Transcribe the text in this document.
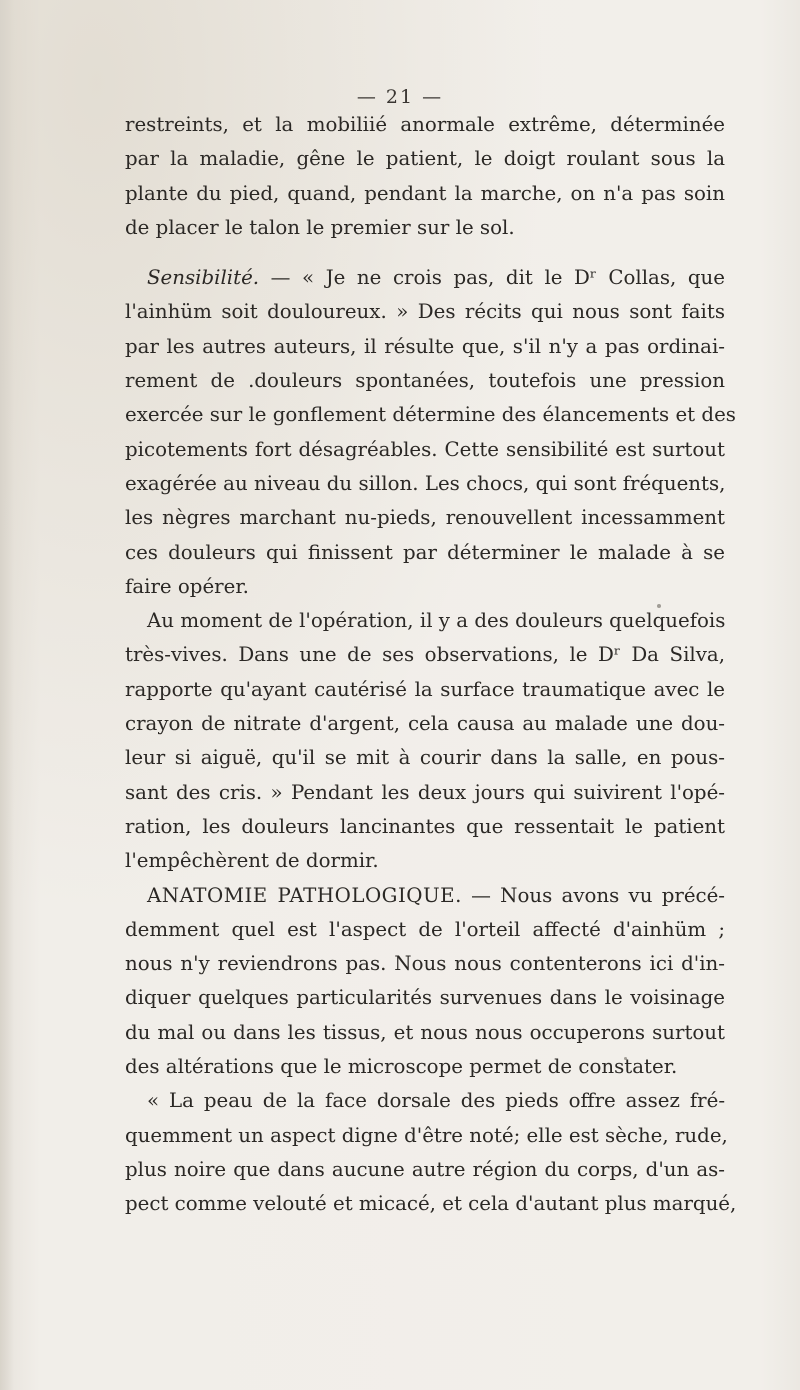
— 21 —
restreints, et la mobiliié anormale extrême, déterminée
par la maladie, gêne le patient, le doigt roulant sous la
plante du pied, quand, pendant la marche, on n'a pas soin
de placer le talon le premier sur le sol.
Sensibilité. — « Je ne crois pas, dit le Dʳ Collas, que
l'ainhüm soit douloureux. » Des récits qui nous sont faits
par les autres auteurs, il résulte que, s'il n'y a pas ordinai-
rement de .douleurs spontanées, toutefois une pression
exercée sur le gonflement détermine des élancements et des
picotements fort désagréables. Cette sensibilité est surtout
exagérée au niveau du sillon. Les chocs, qui sont fréquents,
les nègres marchant nu-pieds, renouvellent incessamment
ces douleurs qui finissent par déterminer le malade à se
faire opérer.
Au moment de l'opération, il y a des douleurs quelquefois
très-vives. Dans une de ses observations, le Dʳ Da Silva,
rapporte qu'ayant cautérisé la surface traumatique avec le
crayon de nitrate d'argent, cela causa au malade une dou-
leur si aiguë, qu'il se mit à courir dans la salle, en pous-
sant des cris. » Pendant les deux jours qui suivirent l'opé-
ration, les douleurs lancinantes que ressentait le patient
l'empêchèrent de dormir.
ANATOMIE PATHOLOGIQUE. — Nous avons vu précé-
demment quel est l'aspect de l'orteil affecté d'ainhüm ;
nous n'y reviendrons pas. Nous nous contenterons ici d'in-
diquer quelques particularités survenues dans le voisinage
du mal ou dans les tissus, et nous nous occuperons surtout
des altérations que le microscope permet de constater.
« La peau de la face dorsale des pieds offre assez fré-
quemment un aspect digne d'être noté; elle est sèche, rude,
plus noire que dans aucune autre région du corps, d'un as-
pect comme velouté et micacé, et cela d'autant plus marqué,
